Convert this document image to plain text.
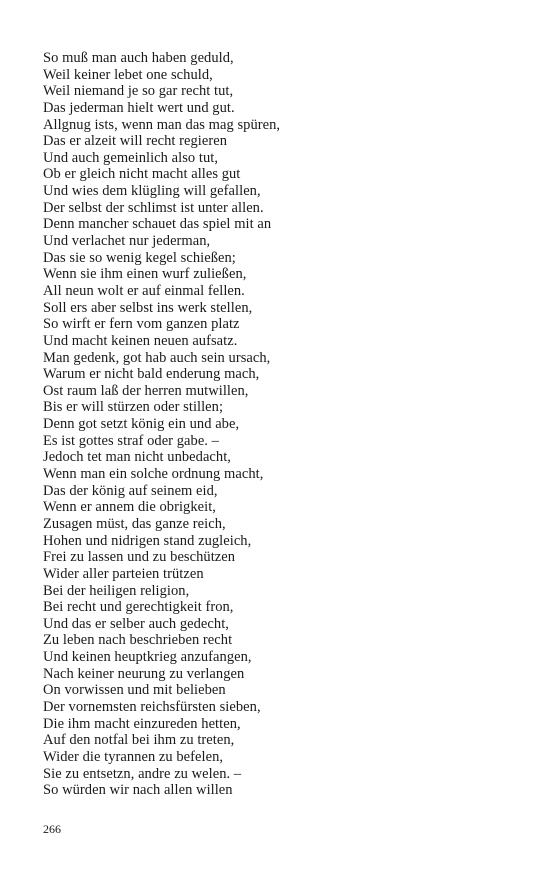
So muß man auch haben geduld,
Weil keiner lebet one schuld,
Weil niemand je so gar recht tut,
Das jederman hielt wert und gut.
Allgnug ists, wenn man das mag spüren,
Das er alzeit will recht regieren
Und auch gemeinlich also tut,
Ob er gleich nicht macht alles gut
Und wies dem klügling will gefallen,
Der selbst der schlimst ist unter allen.
Denn mancher schauet das spiel mit an
Und verlachet nur jederman,
Das sie so wenig kegel schießen;
Wenn sie ihm einen wurf zuließen,
All neun wolt er auf einmal fellen.
Soll ers aber selbst ins werk stellen,
So wirft er fern vom ganzen platz
Und macht keinen neuen aufsatz.
Man gedenk, got hab auch sein ursach,
Warum er nicht bald enderung mach,
Ost raum laß der herren mutwillen,
Bis er will stürzen oder stillen;
Denn got setzt könig ein und abe,
Es ist gottes straf oder gabe. –
Jedoch tet man nicht unbedacht,
Wenn man ein solche ordnung macht,
Das der könig auf seinem eid,
Wenn er annem die obrigkeit,
Zusagen müst, das ganze reich,
Hohen und nidrigen stand zugleich,
Frei zu lassen und zu beschützen
Wider aller parteien trützen
Bei der heiligen religion,
Bei recht und gerechtigkeit fron,
Und das er selber auch gedecht,
Zu leben nach beschrieben recht
Und keinen heuptkrieg anzufangen,
Nach keiner neurung zu verlangen
On vorwissen und mit belieben
Der vornemsten reichsfürsten sieben,
Die ihm macht einzureden hetten,
Auf den notfal bei ihm zu treten,
Wider die tyrannen zu befelen,
Sie zu entsetzn, andre zu welen. –
So würden wir nach allen willen
266
